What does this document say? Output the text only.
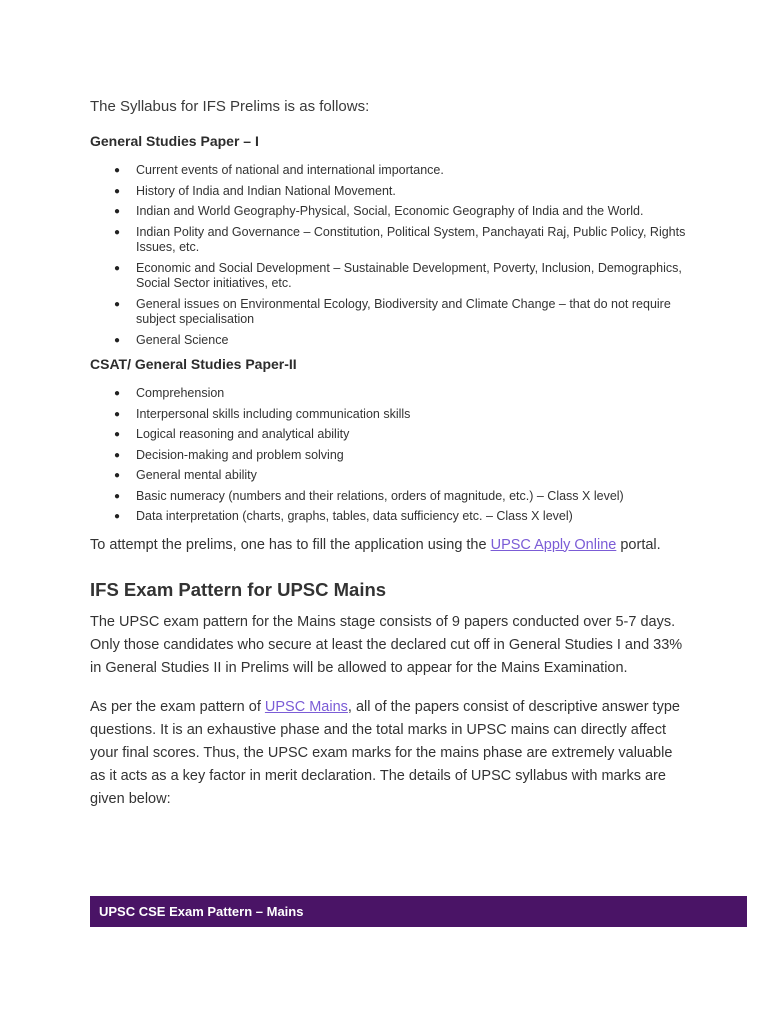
The Syllabus for IFS Prelims is as follows:

General Studies Paper – I
● Current events of national and international importance.
● History of India and Indian National Movement.
● Indian and World Geography-Physical, Social, Economic Geography of India and the World.
● Indian Polity and Governance – Constitution, Political System, Panchayati Raj, Public Policy, Rights Issues, etc.
● Economic and Social Development – Sustainable Development, Poverty, Inclusion, Demographics, Social Sector initiatives, etc.
● General issues on Environmental Ecology, Biodiversity and Climate Change – that do not require subject specialisation
● General Science
CSAT/ General Studies Paper-II
● Comprehension
● Interpersonal skills including communication skills
● Logical reasoning and analytical ability
● Decision-making and problem solving
● General mental ability
● Basic numeracy (numbers and their relations, orders of magnitude, etc.) – Class X level)
● Data interpretation (charts, graphs, tables, data sufficiency etc. – Class X level)

To attempt the prelims, one has to fill the application using the UPSC Apply Online portal.

IFS Exam Pattern for UPSC Mains

The UPSC exam pattern for the Mains stage consists of 9 papers conducted over 5-7 days. Only those candidates who secure at least the declared cut off in General Studies I and 33% in General Studies II in Prelims will be allowed to appear for the Mains Examination.

As per the exam pattern of UPSC Mains, all of the papers consist of descriptive answer type questions. It is an exhaustive phase and the total marks in UPSC mains can directly affect your final scores. Thus, the UPSC exam marks for the mains phase are extremely valuable as it acts as a key factor in merit declaration. The details of UPSC syllabus with marks are given below:

UPSC CSE Exam Pattern – Mains
